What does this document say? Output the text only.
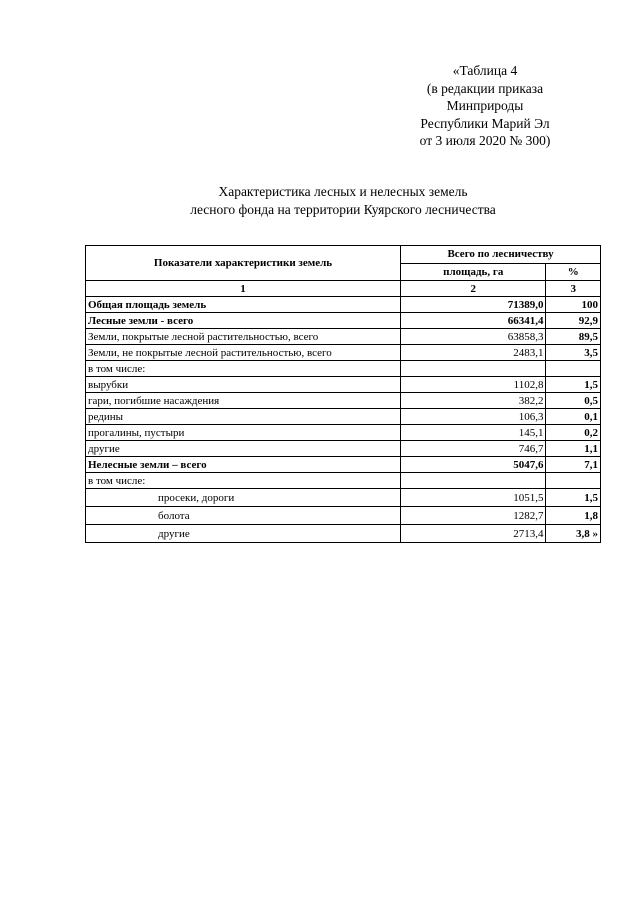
«Таблица 4
(в редакции приказа
Минприроды
Республики Марий Эл
от 3 июля 2020 № 300)
Характеристика лесных и нелесных земель
лесного фонда на территории Куярского лесничества
Показатели характеристики земель	Всего по лесничеству	
	площадь, га	%
1	2	3
Общая площадь земель	71389,0	100
Лесные земли - всего	66341,4	92,9
Земли, покрытые лесной растительностью, всего	63858,3	89,5
Земли, не покрытые лесной растительностью, всего	2483,1	3,5
в том числе:		
вырубки	1102,8	1,5
гари, погибшие насаждения	382,2	0,5
редины	106,3	0,1
прогалины, пустыри	145,1	0,2
другие	746,7	1,1
Нелесные земли – всего	5047,6	7,1
в том числе:		
просеки, дороги	1051,5	1,5
болота	1282,7	1,8
другие	2713,4	3,8 »
